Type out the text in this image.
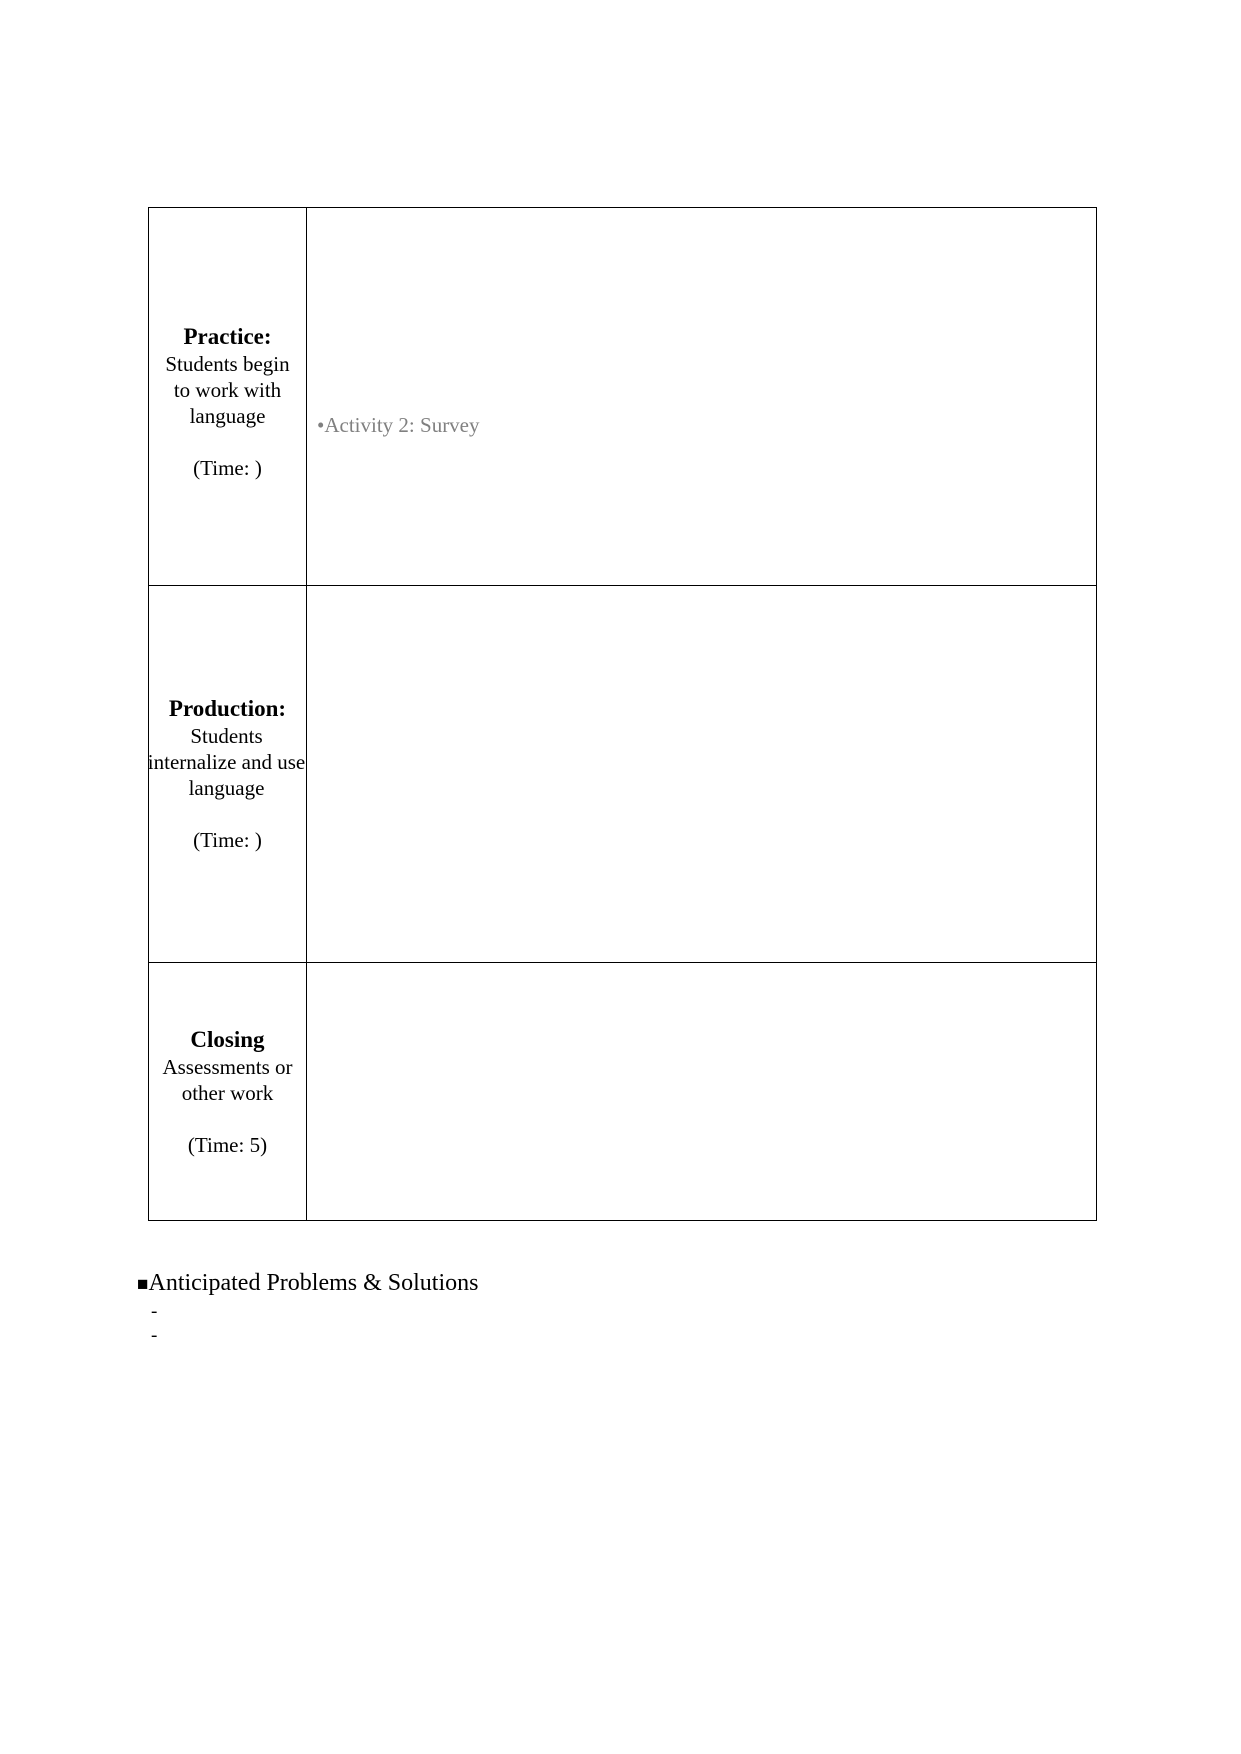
Practice:
Students begin to work with language
(Time: )	•Activity 2: Survey

Production:
Students internalize and use language
(Time: )	

Closing
Assessments or other work
(Time: 5)	

■Anticipated Problems & Solutions
-
-
